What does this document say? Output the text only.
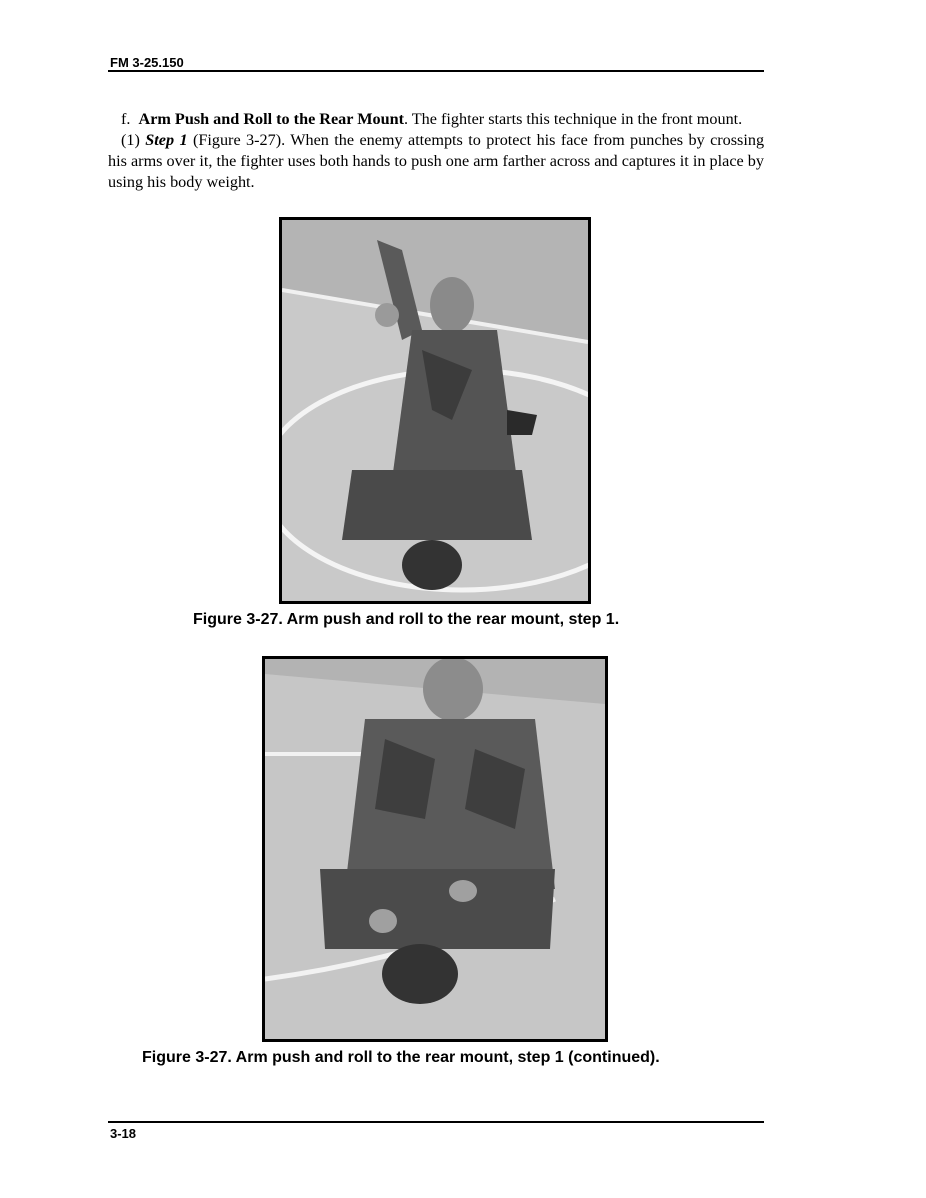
FM 3-25.150

f. Arm Push and Roll to the Rear Mount. The fighter starts this technique in the front mount.

(1) Step 1 (Figure 3-27). When the enemy attempts to protect his face from punches by crossing his arms over it, the fighter uses both hands to push one arm farther across and captures it in place by using his body weight.

Figure 3-27. Arm push and roll to the rear mount, step 1.
Figure 3-27. Arm push and roll to the rear mount, step 1 (continued).
3-18
